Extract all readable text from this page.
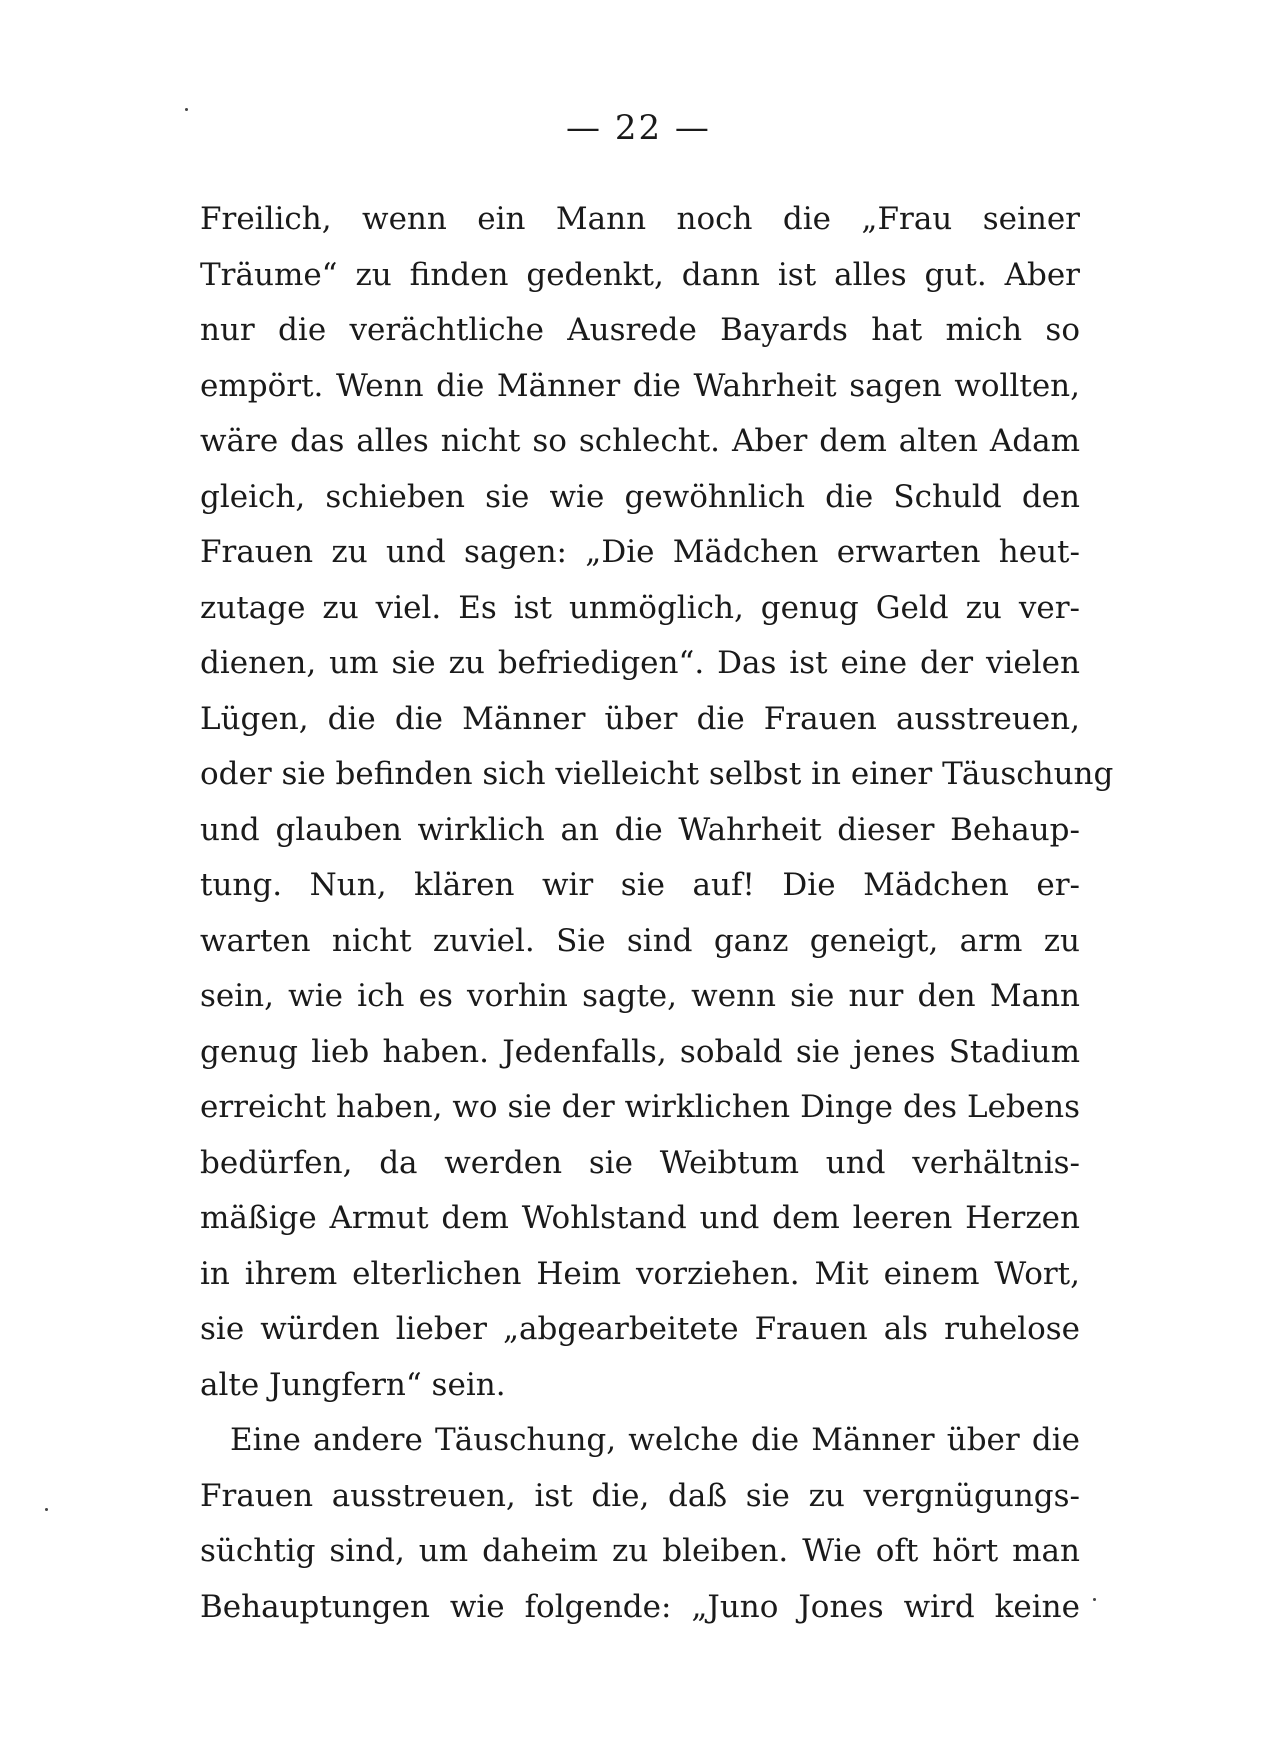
— 22 —
Freilich, wenn ein Mann noch die „Frau seiner
Träume“ zu finden gedenkt, dann ist alles gut. Aber
nur die verächtliche Ausrede Bayards hat mich so
empört. Wenn die Männer die Wahrheit sagen wollten,
wäre das alles nicht so schlecht. Aber dem alten Adam
gleich, schieben sie wie gewöhnlich die Schuld den
Frauen zu und sagen: „Die Mädchen erwarten heut-
zutage zu viel. Es ist unmöglich, genug Geld zu ver-
dienen, um sie zu befriedigen“. Das ist eine der vielen
Lügen, die die Männer über die Frauen ausstreuen,
oder sie befinden sich vielleicht selbst in einer Täuschung
und glauben wirklich an die Wahrheit dieser Behaup-
tung. Nun, klären wir sie auf! Die Mädchen er-
warten nicht zuviel. Sie sind ganz geneigt, arm zu
sein, wie ich es vorhin sagte, wenn sie nur den Mann
genug lieb haben. Jedenfalls, sobald sie jenes Stadium
erreicht haben, wo sie der wirklichen Dinge des Lebens
bedürfen, da werden sie Weibtum und verhältnis-
mäßige Armut dem Wohlstand und dem leeren Herzen
in ihrem elterlichen Heim vorziehen. Mit einem Wort,
sie würden lieber „abgearbeitete Frauen als ruhelose
alte Jungfern“ sein.
Eine andere Täuschung, welche die Männer über die
Frauen ausstreuen, ist die, daß sie zu vergnügungs-
süchtig sind, um daheim zu bleiben. Wie oft hört man
Behauptungen wie folgende: „Juno Jones wird keine
